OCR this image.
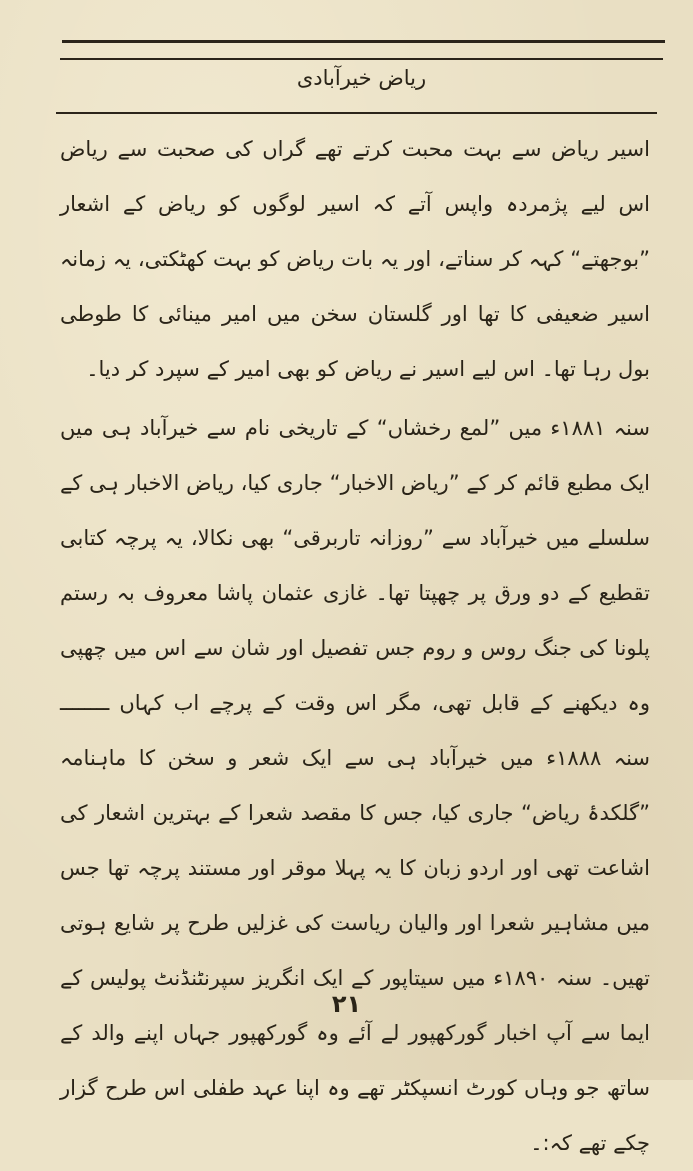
ریاض خیرآبادی

اسیر ریاض سے بہت محبت کرتے تھے گراں کی صحبت سے ریاض اس لیے پژمردہ واپس آتے کہ اسیر لوگوں کو ریاض کے اشعار ”بوجھتے“ کہہ کر سناتے، اور یہ بات ریاض کو بہت کھٹکتی، یہ زمانہ اسیر ضعیفی کا تھا اور گلستان سخن میں امیر مینائی کا طوطی بول رہا تھا۔ اس لیے اسیر نے ریاض کو بھی امیر کے سپرد کر دیا۔

سنہ ۱۸۸۱ء میں ”لمع رخشاں“ کے تاریخی نام سے خیرآباد ہی میں ایک مطبع قائم کر کے ”ریاض الاخبار“ جاری کیا، ریاض الاخبار ہی کے سلسلے میں خیرآباد سے ”روزانہ تاربرقی“ بھی نکالا، یہ پرچہ کتابی تقطیع کے دو ورق پر چھپتا تھا۔ غازی عثمان پاشا معروف بہ رستم پلونا کی جنگ روس و روم جس تفصیل اور شان سے اس میں چھپی وہ دیکھنے کے قابل تھی، مگر اس وقت کے پرچے اب کہاں ــــــــ سنہ ۱۸۸۸ء میں خیرآباد ہی سے ایک شعر و سخن کا ماہنامہ ”گلکدۂ ریاض“ جاری کیا، جس کا مقصد شعرا کے بہترین اشعار کی اشاعت تھی اور اردو زبان کا یہ پہلا موقر اور مستند پرچہ تھا جس میں مشاہیر شعرا اور والیان ریاست کی غزلیں طرح پر شایع ہوتی تھیں۔ سنہ ۱۸۹۰ء میں سیتاپور کے ایک انگریز سپرنٹنڈنٹ پولیس کے ایما سے آپ اخبار گورکھپور لے آئے وہ گورکھپور جہاں اپنے والد کے ساتھ جو وہاں کورٹ انسپکٹر تھے وہ اپنا عہد طفلی اس طرح گزار چکے تھے کہ:۔

۲۱
